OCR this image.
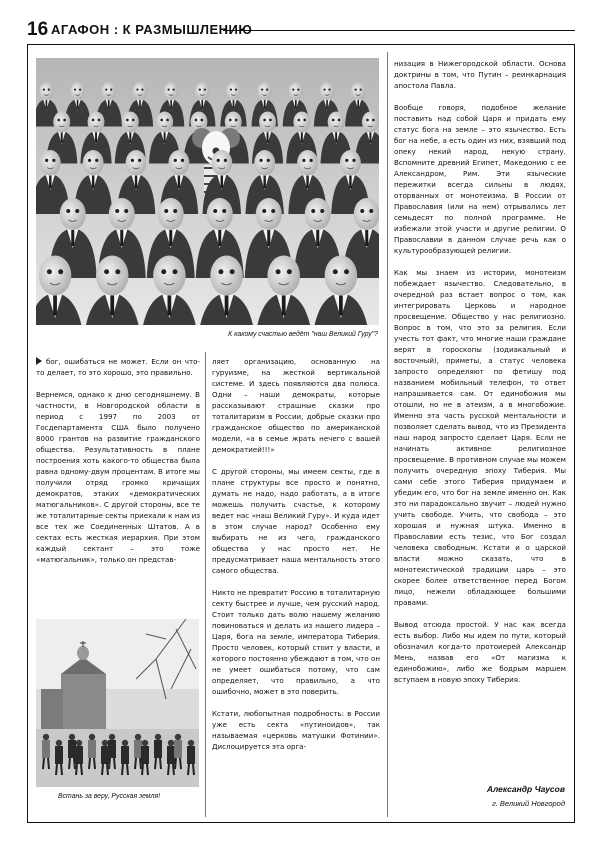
16 АГАФОН : К РАЗМЫШЛЕНИЮ
К какому счастью ведёт "наш Великий Гуру"?
Встань за веру, Русская земля!

бог, ошибаться не может. Если он что-то делает, то это хорошо, это правильно.

Вернемся, однако к дню сегодняшнему. В частности, в Новгородской области в период с 1997 по 2003 от Госдепартамента США было получено 8000 грантов на развитие гражданского общества. Результативность в плане построения хоть какого-то общества была равна одному-двум процентам. В итоге мы получили отряд громко кричащих демократов, этаких «демократических матюгальников». С другой стороны, все те же тоталитарные секты приехали к нам из все тех же Соединенных Штатов. А в сектах есть жесткая иерархия. При этом каждый сектант – это тоже «матюгальник», только он представ-

ляет организацию, основанную на гуруизме, на жесткой вертикальной системе. И здесь появляются два полюса. Одни – наши демократы, которые рассказывают страшные сказки про тоталитаризм в России, добрые сказки про гражданское общество по американской модели, «а в семье жрать нечего с вашей демократией!!!»

С другой стороны, мы имеем секты, где в плане структуры все просто и понятно, думать не надо, надо работать, а в итоге можешь получить счастье, к которому ведет нас «наш Великий Гуру». И куда идет в этом случае народ? Особенно ему выбирать не из чего, гражданского общества у нас просто нет. Не предусматривает наша ментальность этого самого общества.

Никто не превратит Россию в тоталитарную секту быстрее и лучше, чем русский народ. Стоит только дать волю нашему желанию повиноваться и делать из нашего лидера – Царя, бога на земле, императора Тиберия. Просто человек, который стоит у власти, и которого постоянно убеждают в том, что он не умеет ошибаться потому, что сам определяет, что правильно, а что ошибочно, может в это поверить.

Кстати, любопытная подробность: в России уже есть секта «путиноидов», так называемая «церковь матушки Фотинии». Дислоцируется эта орга-

низация в Нижегородской области. Основа доктрины в том, что Путин – реинкарнация апостола Павла.

Вообще говоря, подобное желание поставить над собой Царя и придать ему статус бога на земле – это язычество. Есть бог на небе, а есть один из них, взявший под опеку некий народ, некую страну. Вспомните древний Египет, Македонию с ее Александром, Рим. Эти языческие пережитки всегда сильны в людях, оторванных от монотеизма. В России от Православия (или на нем) отрывались лет семьдесят по полной программе. Не избежали этой участи и другие религии. О Православии в данном случае речь как о культурообразующей религии.

Как мы знаем из истории, монотеизм побеждает язычество. Следовательно, в очередной раз встает вопрос о том, как интегрировать Церковь и народное просвещение. Общество у нас религиозно. Вопрос в том, что это за религия. Если учесть тот факт, что многие наши граждане верят в гороскопы (зодиакальный и восточный), приметы, а статус человека запросто определяют по фетишу под названием мобильный телефон, то ответ напрашивается сам. От единобожия мы отошли, но не в атеизм, а в многобожие. Именно эта часть русской ментальности и позволяет сделать вывод, что из Президента наш народ запросто сделает Царя. Если не начинать активное религиозное просвещение. В противном случае мы можем получить очередную эпоху Тиберия. Мы сами себе этого Тиберия придумаем и убедим его, что бог на земле именно он. Как это ни парадоксально звучит – людей нужно учить свободе. Учить, что свобода – это хорошая и нужная штука. Именно в Православии есть тезис, что Бог создал человека свободным. Кстати и о царской власти можно сказать, что в монотеистической традиции царь – это скорее более ответственное перед Богом лицо, нежели обладающее большими правами.

Вывод отсюда простой. У нас как всегда есть выбор. Либо мы идем по пути, который обозначил когда-то протоиерей Александр Мень, назвав его «От магизма к единобожию», либо же бодрым маршем вступаем в новую эпоху Тиберия.

Александр Чаусов
г. Великий Новгород
